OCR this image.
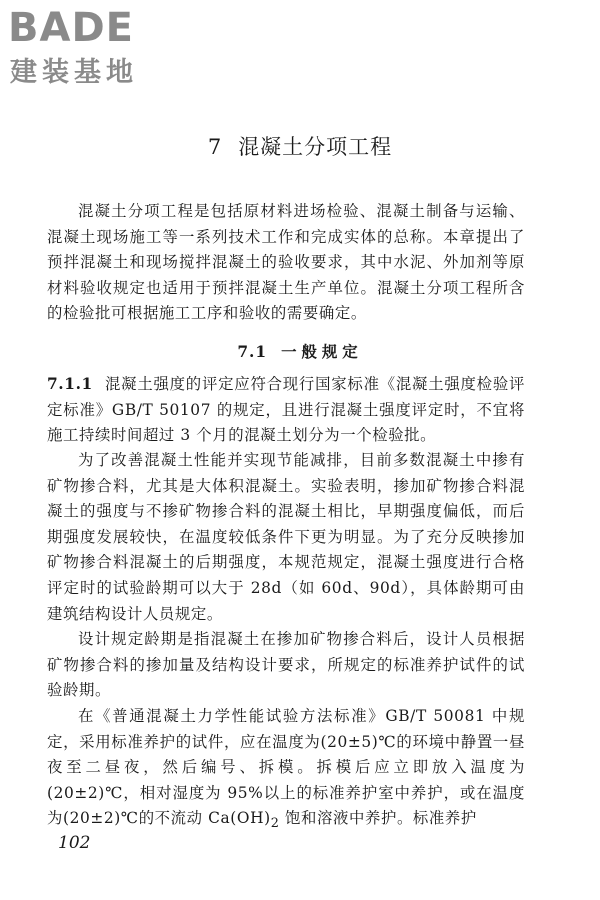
BADE
建装基地
7 混凝土分项工程

混凝土分项工程是包括原材料进场检验、混凝土制备与运输、混凝土现场施工等一系列技术工作和完成实体的总称。本章提出了预拌混凝土和现场搅拌混凝土的验收要求，其中水泥、外加剂等原材料验收规定也适用于预拌混凝土生产单位。混凝土分项工程所含的检验批可根据施工工序和验收的需要确定。

7.1 一般规定

7.1.1 混凝土强度的评定应符合现行国家标准《混凝土强度检验评定标准》GB/T 50107 的规定，且进行混凝土强度评定时，不宜将施工持续时间超过 3 个月的混凝土划分为一个检验批。

为了改善混凝土性能并实现节能减排，目前多数混凝土中掺有矿物掺合料，尤其是大体积混凝土。实验表明，掺加矿物掺合料混凝土的强度与不掺矿物掺合料的混凝土相比，早期强度偏低，而后期强度发展较快，在温度较低条件下更为明显。为了充分反映掺加矿物掺合料混凝土的后期强度，本规范规定，混凝土强度进行合格评定时的试验龄期可以大于 28d（如 60d、90d），具体龄期可由建筑结构设计人员规定。

设计规定龄期是指混凝土在掺加矿物掺合料后，设计人员根据矿物掺合料的掺加量及结构设计要求，所规定的标准养护试件的试验龄期。

在《普通混凝土力学性能试验方法标准》GB/T 50081 中规定，采用标准养护的试件，应在温度为(20±5)℃的环境中静置一昼夜至二昼夜，然后编号、拆模。拆模后应立即放入温度为(20±2)℃，相对湿度为 95%以上的标准养护室中养护，或在温度为(20±2)℃的不流动 $Ca(OH)_2$ 饱和溶液中养护。标准养护

102
